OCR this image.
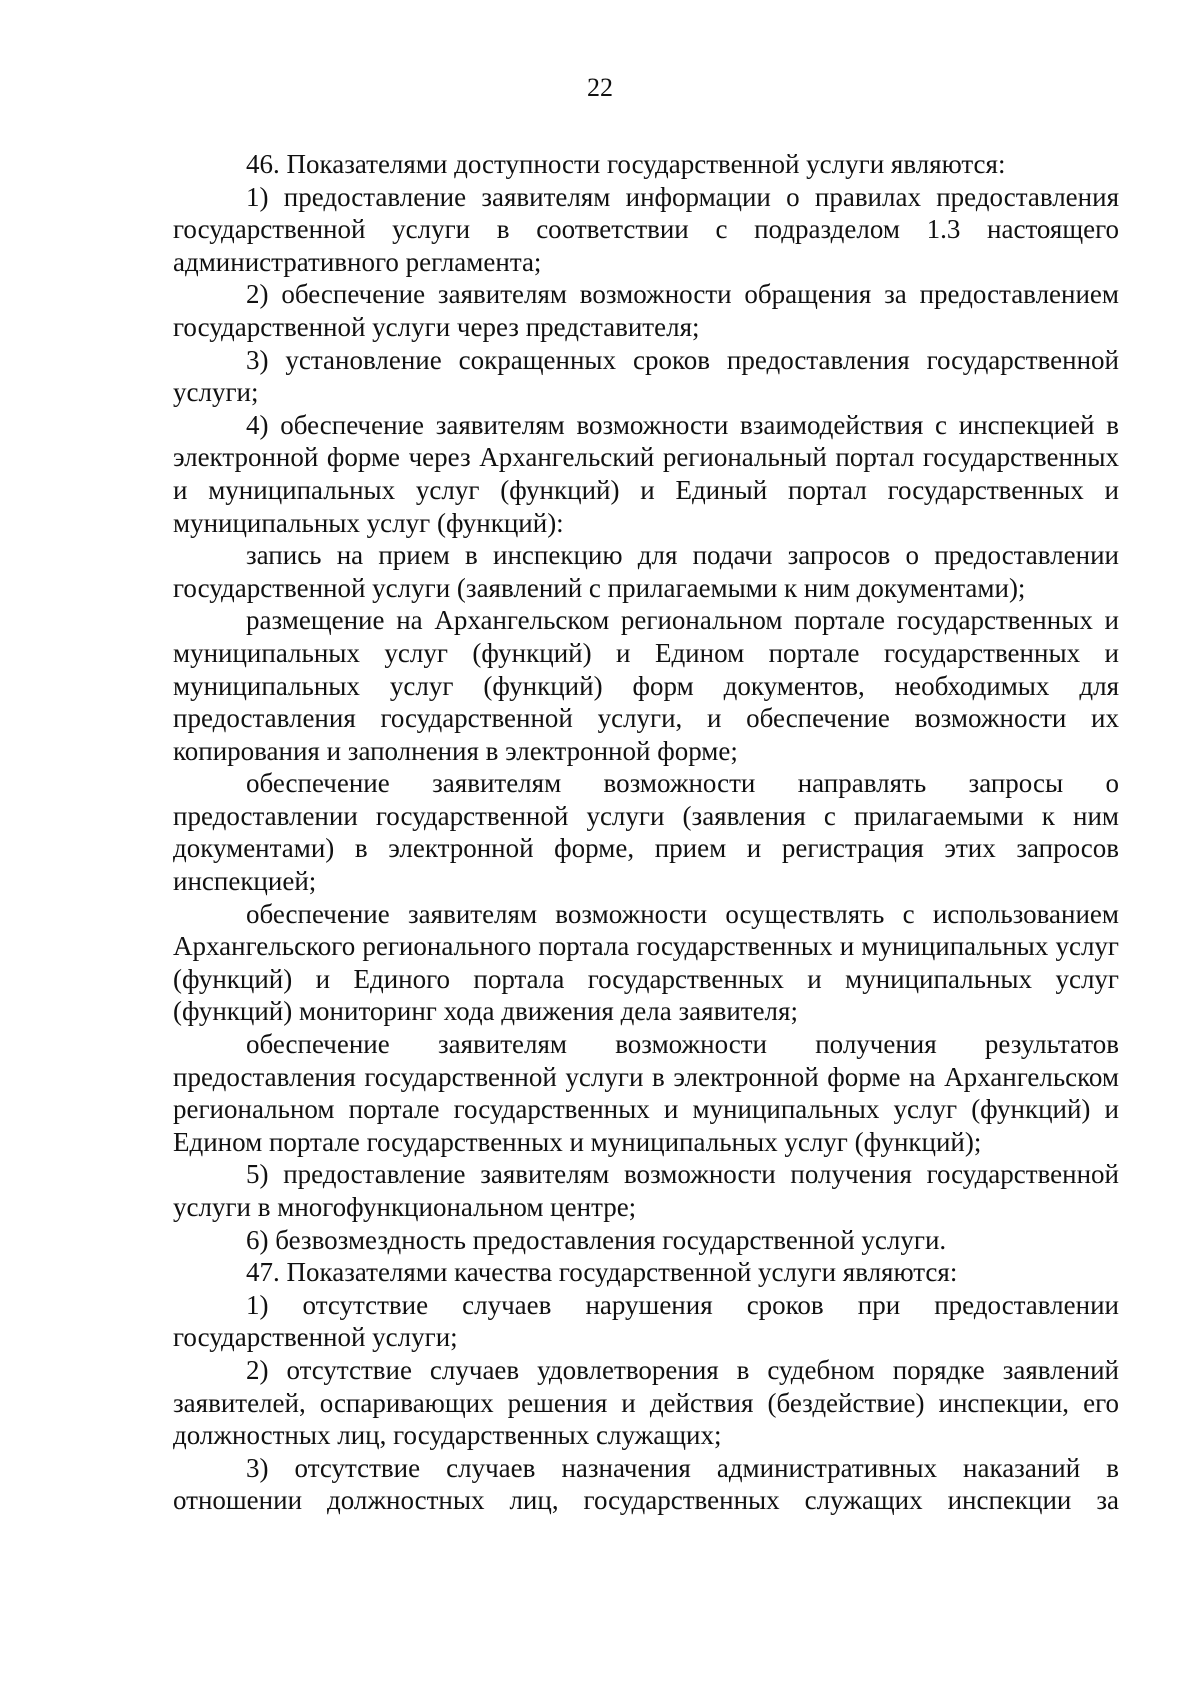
22

46. Показателями доступности государственной услуги являются:

1) предоставление заявителям информации о правилах предоставления государственной услуги в соответствии с подразделом 1.3 настоящего административного регламента;

2) обеспечение заявителям возможности обращения за предоставлением государственной услуги через представителя;

3) установление сокращенных сроков предоставления государственной услуги;

4) обеспечение заявителям возможности взаимодействия с инспекцией в электронной форме через Архангельский региональный портал государственных и муниципальных услуг (функций) и Единый портал государственных и муниципальных услуг (функций):

запись на прием в инспекцию для подачи запросов о предоставлении государственной услуги (заявлений с прилагаемыми к ним документами);

размещение на Архангельском региональном портале государственных и муниципальных услуг (функций) и Едином портале государственных и муниципальных услуг (функций) форм документов, необходимых для предоставления государственной услуги, и обеспечение возможности их копирования и заполнения в электронной форме;

обеспечение заявителям возможности направлять запросы о предоставлении государственной услуги (заявления с прилагаемыми к ним документами) в электронной форме, прием и регистрация этих запросов инспекцией;

обеспечение заявителям возможности осуществлять с использованием Архангельского регионального портала государственных и муниципальных услуг (функций) и Единого портала государственных и муниципальных услуг (функций) мониторинг хода движения дела заявителя;

обеспечение заявителям возможности получения результатов предоставления государственной услуги в электронной форме на Архангельском региональном портале государственных и муниципальных услуг (функций) и Едином портале государственных и муниципальных услуг (функций);

5) предоставление заявителям возможности получения государственной услуги в многофункциональном центре;

6) безвозмездность предоставления государственной услуги.

47. Показателями качества государственной услуги являются:

1) отсутствие случаев нарушения сроков при предоставлении государственной услуги;

2) отсутствие случаев удовлетворения в судебном порядке заявлений заявителей, оспаривающих решения и действия (бездействие) инспекции, его должностных лиц, государственных служащих;

3) отсутствие случаев назначения административных наказаний в отношении должностных лиц, государственных служащих инспекции за
